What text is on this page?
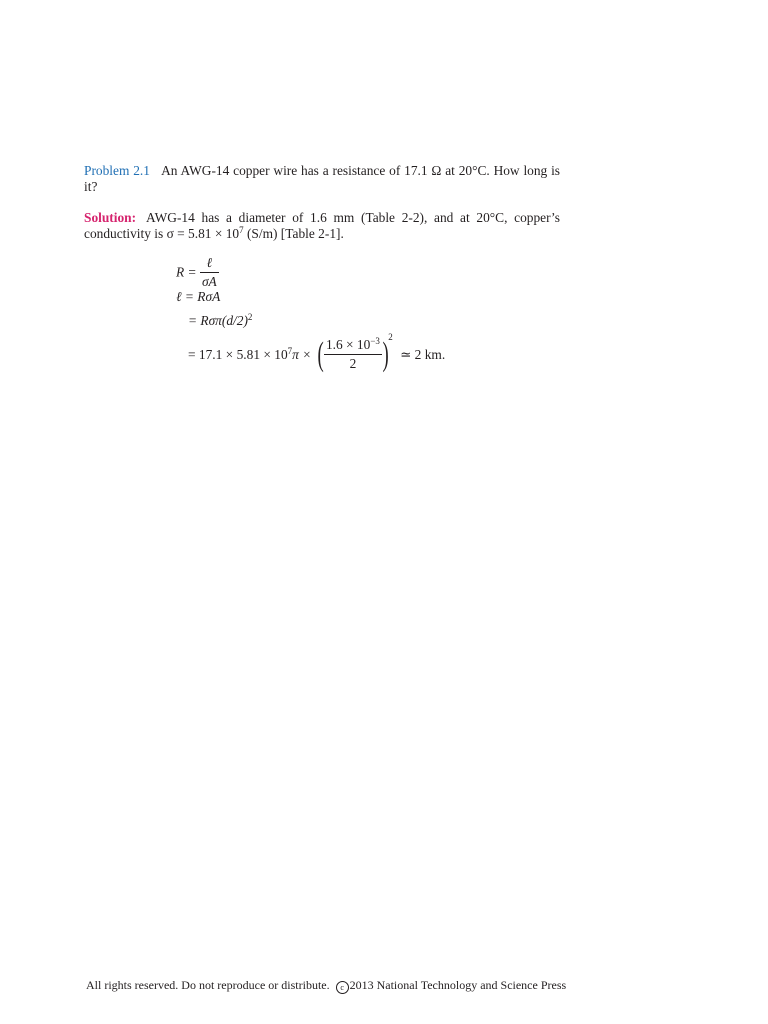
Problem 2.1 An AWG-14 copper wire has a resistance of 17.1 Ω at 20°C. How long is it?
Solution: AWG-14 has a diameter of 1.6 mm (Table 2-2), and at 20°C, copper’s conductivity is $\sigma = 5.81 \times 10^7$ (S/m) [Table 2-1].
$R = \frac{\text{ℓ}}{\sigma A}$
ℓ = RσA
= $R\sigma\pi(d/2)^2$
= $17.1 \times 5.81 \times 10^7\pi$ × ( $\frac{1.6 \times 10^{-3}}{2} )^2$ ≃ 2 km.
All rights reserved. Do not reproduce or distribute. c 2013 National Technology and Science Press
